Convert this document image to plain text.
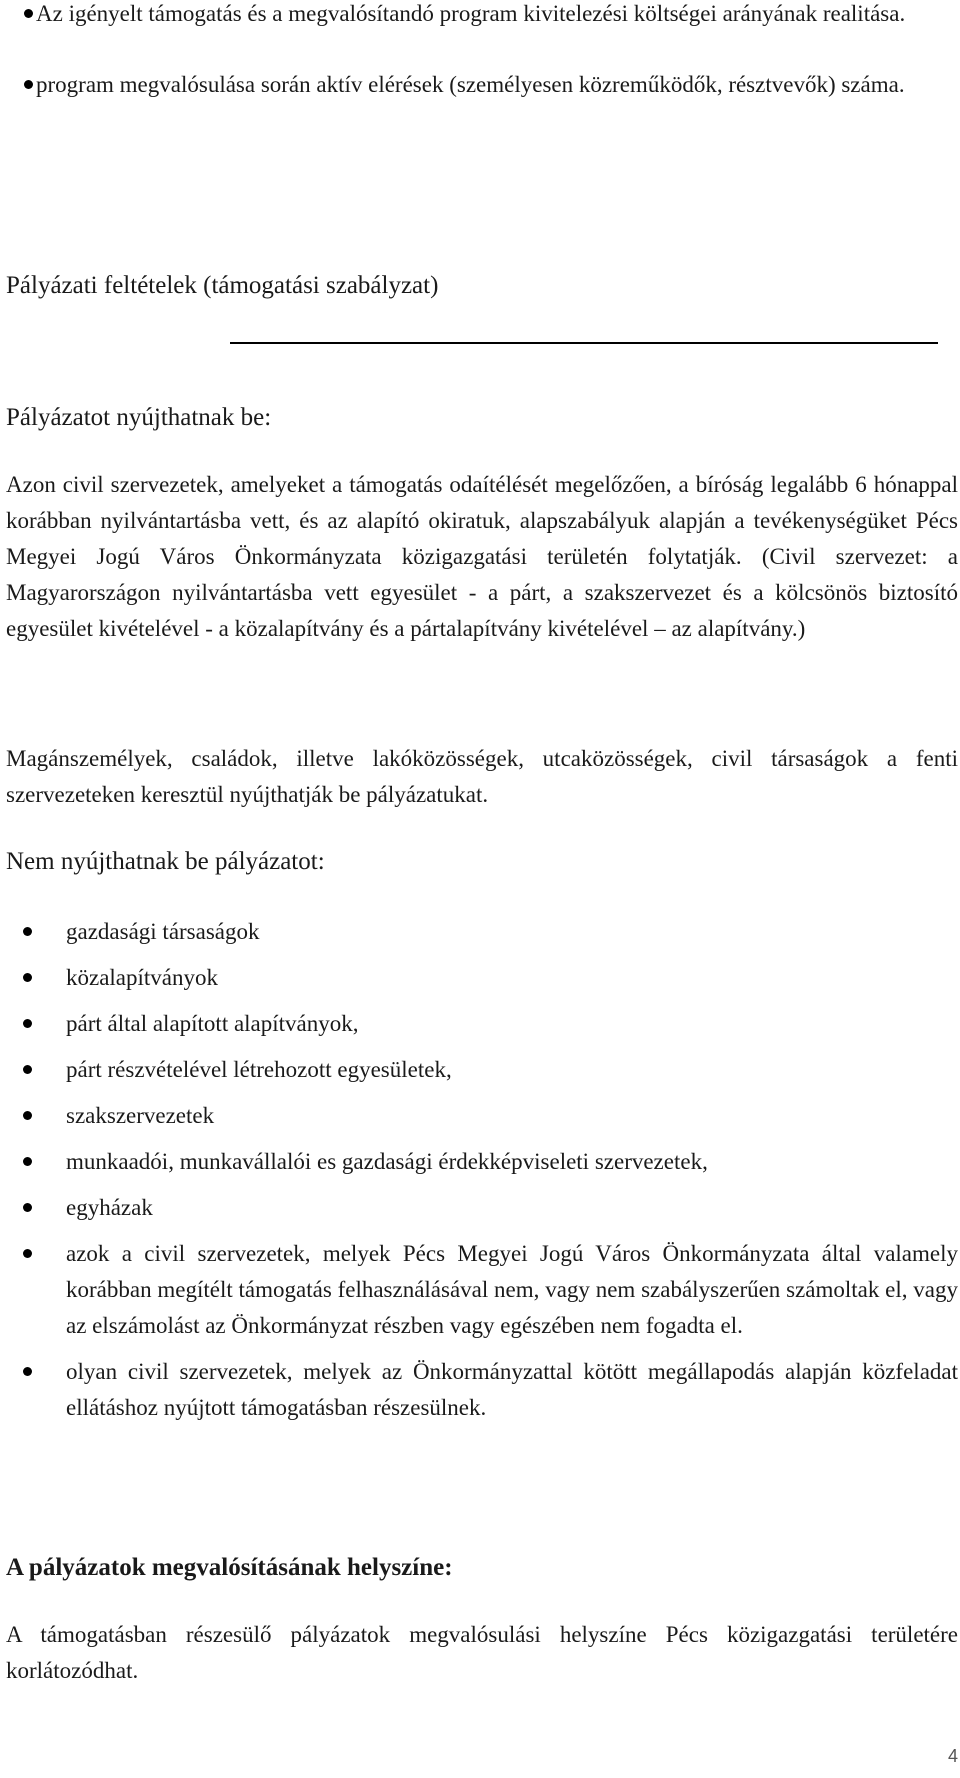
Az igényelt támogatás és a megvalósítandó program kivitelezési költségei arányának realitása.
program megvalósulása során aktív elérések (személyesen közreműködők, résztvevők) száma.
Pályázati feltételek (támogatási szabályzat)
Pályázatot nyújthatnak be:

Azon civil szervezetek, amelyeket a támogatás odaítélését megelőzően, a bíróság legalább 6 hónappal korábban nyilvántartásba vett, és az alapító okiratuk, alapszabályuk alapján a tevékenységüket Pécs Megyei Jogú Város Önkormányzata közigazgatási területén folytatják. (Civil szervezet: a Magyarországon nyilvántartásba vett egyesület - a párt, a szakszervezet és a kölcsönös biztosító egyesület kivételével - a közalapítvány és a pártalapítvány kivételével – az alapítvány.)

Magánszemélyek, családok, illetve lakóközösségek, utcaközösségek, civil társaságok a fenti szervezeteken keresztül nyújthatják be pályázatukat.

Nem nyújthatnak be pályázatot:
gazdasági társaságok
közalapítványok
párt által alapított alapítványok,
párt részvételével létrehozott egyesületek,
szakszervezetek
munkaadói, munkavállalói es gazdasági érdekképviseleti szervezetek,
egyházak
azok a civil szervezetek, melyek Pécs Megyei Jogú Város Önkormányzata által valamely korábban megítélt támogatás felhasználásával nem, vagy nem szabályszerűen számoltak el, vagy az elszámolást az Önkormányzat részben vagy egészében nem fogadta el.
olyan civil szervezetek, melyek az Önkormányzattal kötött megállapodás alapján közfeladat ellátáshoz nyújtott támogatásban részesülnek.
A pályázatok megvalósításának helyszíne:

A támogatásban részesülő pályázatok megvalósulási helyszíne Pécs közigazgatási területére korlátozódhat.

4
